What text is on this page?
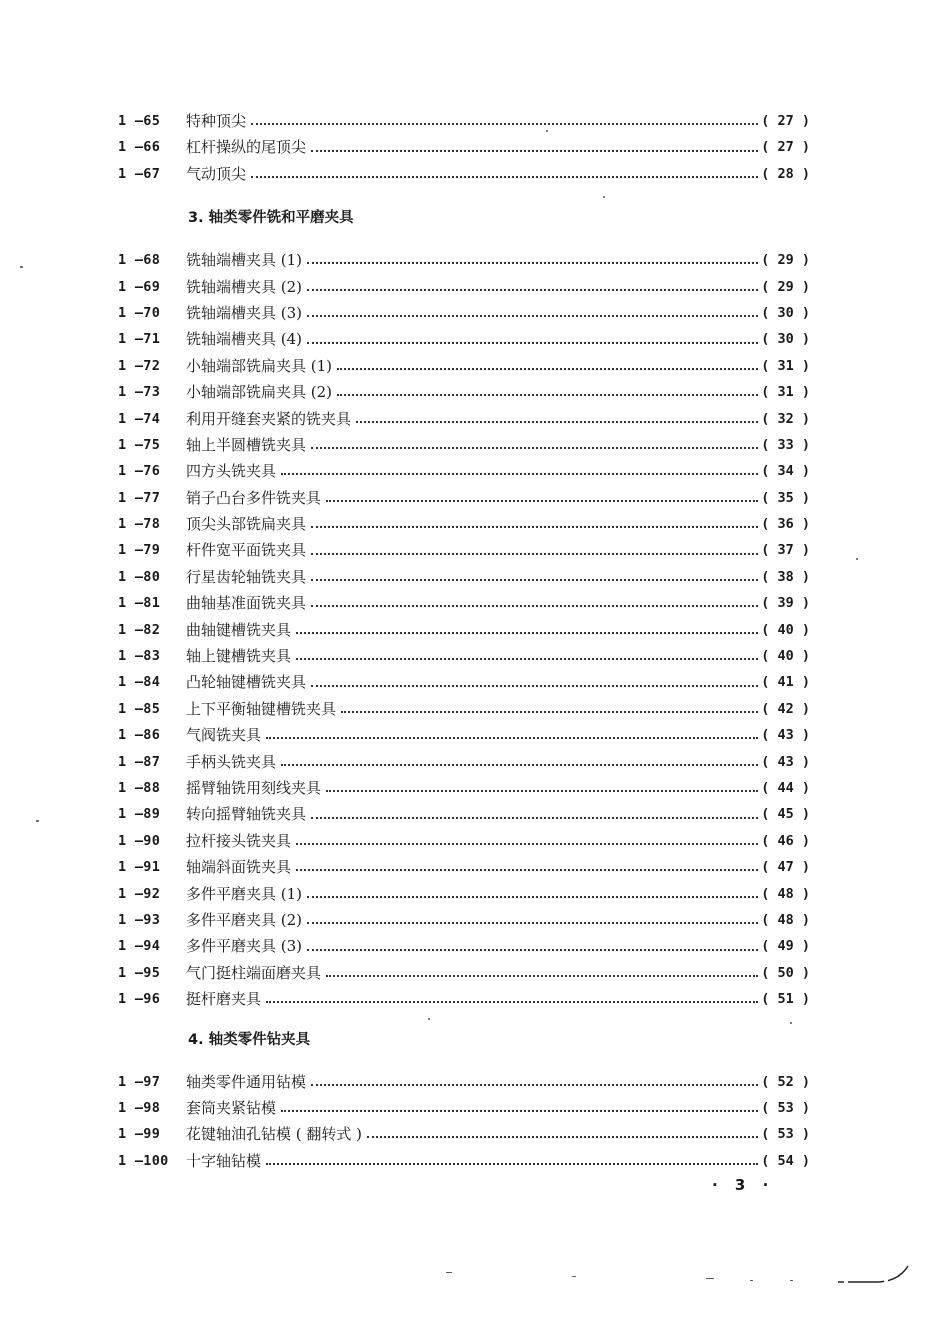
1 —65	特种顶尖	( 27 )
1 —66	杠杆操纵的尾顶尖	( 27 )
1 —67	气动顶尖	( 28 )
3. 轴类零件铣和平磨夹具
1 —68	铣轴端槽夹具 (1)	( 29 )
1 —69	铣轴端槽夹具 (2)	( 29 )
1 —70	铣轴端槽夹具 (3)	( 30 )
1 —71	铣轴端槽夹具 (4)	( 30 )
1 —72	小轴端部铣扁夹具 (1)	( 31 )
1 —73	小轴端部铣扁夹具 (2)	( 31 )
1 —74	利用开缝套夹紧的铣夹具	( 32 )
1 —75	轴上半圆槽铣夹具	( 33 )
1 —76	四方头铣夹具	( 34 )
1 —77	销子凸台多件铣夹具	( 35 )
1 —78	顶尖头部铣扁夹具	( 36 )
1 —79	杆件宽平面铣夹具	( 37 )
1 —80	行星齿轮轴铣夹具	( 38 )
1 —81	曲轴基准面铣夹具	( 39 )
1 —82	曲轴键槽铣夹具	( 40 )
1 —83	轴上键槽铣夹具	( 40 )
1 —84	凸轮轴键槽铣夹具	( 41 )
1 —85	上下平衡轴键槽铣夹具	( 42 )
1 —86	气阀铣夹具	( 43 )
1 —87	手柄头铣夹具	( 43 )
1 —88	摇臂轴铣用刻线夹具	( 44 )
1 —89	转向摇臂轴铣夹具	( 45 )
1 —90	拉杆接头铣夹具	( 46 )
1 —91	轴端斜面铣夹具	( 47 )
1 —92	多件平磨夹具 (1)	( 48 )
1 —93	多件平磨夹具 (2)	( 48 )
1 —94	多件平磨夹具 (3)	( 49 )
1 —95	气门挺柱端面磨夹具	( 50 )
1 —96	挺杆磨夹具	( 51 )
4. 轴类零件钻夹具
1 —97	轴类零件通用钻模	( 52 )
1 —98	套筒夹紧钻模	( 53 )
1 —99	花键轴油孔钻模 ( 翻转式 )	( 53 )
1 —100	十字轴钻模	( 54 )
· 3 ·
